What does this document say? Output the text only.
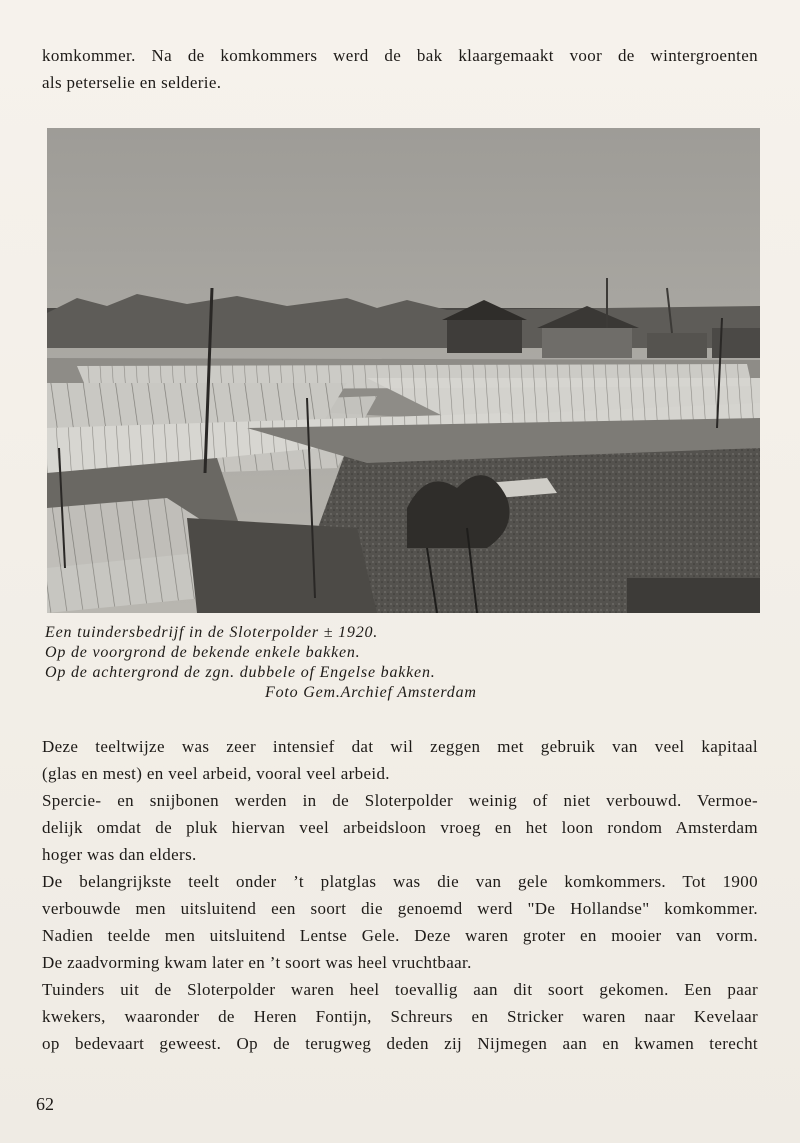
komkommer. Na de komkommers werd de bak klaargemaakt voor de wintergroenten
als peterselie en selderie.

Een tuindersbedrijf in de Sloterpolder ± 1920.
Op de voorgrond de bekende enkele bakken.
Op de achtergrond de zgn. dubbele of Engelse bakken.
Foto Gem.Archief Amsterdam

Deze teeltwijze was zeer intensief dat wil zeggen met gebruik van veel kapitaal
(glas en mest) en veel arbeid, vooral veel arbeid.
Spercie- en snijbonen werden in de Sloterpolder weinig of niet verbouwd. Vermoe-
delijk omdat de pluk hiervan veel arbeidsloon vroeg en het loon rondom Amsterdam
hoger was dan elders.
De belangrijkste teelt onder ’t platglas was die van gele komkommers. Tot 1900
verbouwde men uitsluitend een soort die genoemd werd "De Hollandse" komkommer.
Nadien teelde men uitsluitend Lentse Gele. Deze waren groter en mooier van vorm.
De zaadvorming kwam later en ’t soort was heel vruchtbaar.
Tuinders uit de Sloterpolder waren heel toevallig aan dit soort gekomen. Een paar
kwekers, waaronder de Heren Fontijn, Schreurs en Stricker waren naar Kevelaar
op bedevaart geweest. Op de terugweg deden zij Nijmegen aan en kwamen terecht

62
